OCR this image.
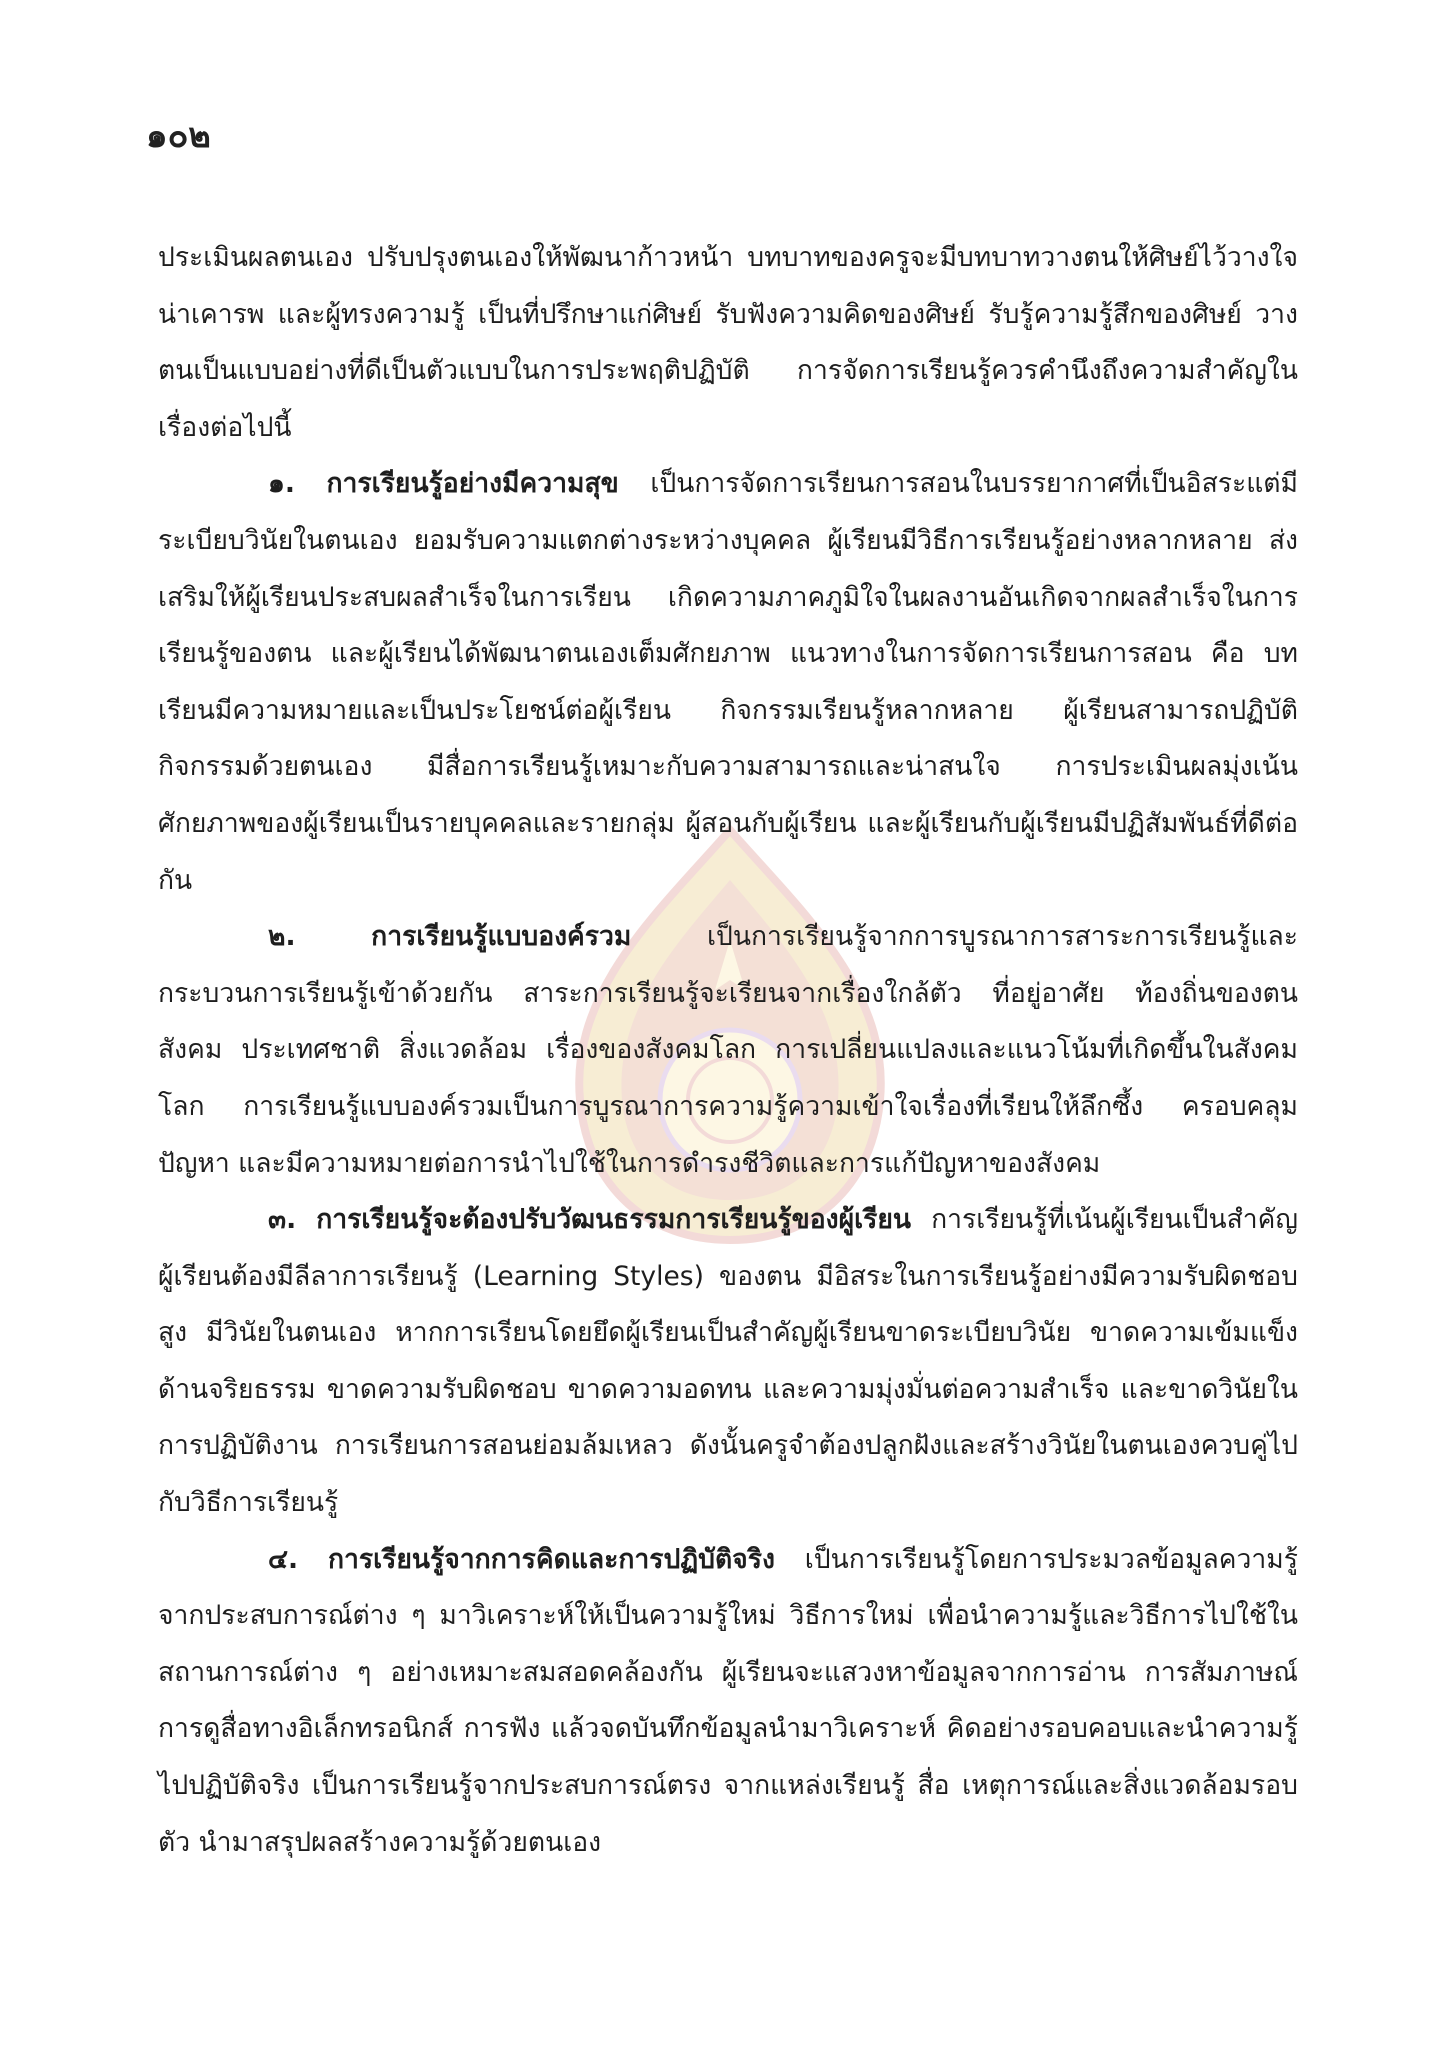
๑๐๒

ประเมินผลตนเอง ปรับปรุงตนเองให้พัฒนาก้าวหน้า บทบาทของครูจะมีบทบาทวางตนให้ศิษย์ไว้วางใจ น่าเคารพ และผู้ทรงความรู้ เป็นที่ปรึกษาแก่ศิษย์ รับฟังความคิดของศิษย์ รับรู้ความรู้สึกของศิษย์ วางตนเป็นแบบอย่างที่ดีเป็นตัวแบบในการประพฤติปฏิบัติ การจัดการเรียนรู้ควรคำนึงถึงความสำคัญในเรื่องต่อไปนี้

๑. การเรียนรู้อย่างมีความสุข เป็นการจัดการเรียนการสอนในบรรยากาศที่เป็นอิสระแต่มีระเบียบวินัยในตนเอง ยอมรับความแตกต่างระหว่างบุคคล ผู้เรียนมีวิธีการเรียนรู้อย่างหลากหลาย ส่งเสริมให้ผู้เรียนประสบผลสำเร็จในการเรียน เกิดความภาคภูมิใจในผลงานอันเกิดจากผลสำเร็จในการเรียนรู้ของตน และผู้เรียนได้พัฒนาตนเองเต็มศักยภาพ แนวทางในการจัดการเรียนการสอน คือ บทเรียนมีความหมายและเป็นประโยชน์ต่อผู้เรียน กิจกรรมเรียนรู้หลากหลาย ผู้เรียนสามารถปฏิบัติกิจกรรมด้วยตนเอง มีสื่อการเรียนรู้เหมาะกับความสามารถและน่าสนใจ การประเมินผลมุ่งเน้นศักยภาพของผู้เรียนเป็นรายบุคคลและรายกลุ่ม ผู้สอนกับผู้เรียน และผู้เรียนกับผู้เรียนมีปฏิสัมพันธ์ที่ดีต่อกัน

๒.	การเรียนรู้แบบองค์รวม	เป็นการเรียนรู้จากการบูรณาการสาระการเรียนรู้และกระบวนการเรียนรู้เข้าด้วยกัน สาระการเรียนรู้จะเรียนจากเรื่องใกล้ตัว ที่อยู่อาศัย ท้องถิ่นของตน สังคม ประเทศชาติ สิ่งแวดล้อม เรื่องของสังคมโลก การเปลี่ยนแปลงและแนวโน้มที่เกิดขึ้นในสังคมโลก การเรียนรู้แบบองค์รวมเป็นการบูรณาการความรู้ความเข้าใจเรื่องที่เรียนให้ลึกซึ้ง ครอบคลุมปัญหา และมีความหมายต่อการนำไปใช้ในการดำรงชีวิตและการแก้ปัญหาของสังคม

๓. การเรียนรู้จะต้องปรับวัฒนธรรมการเรียนรู้ของผู้เรียน การเรียนรู้ที่เน้นผู้เรียนเป็นสำคัญ ผู้เรียนต้องมีลีลาการเรียนรู้ (Learning Styles) ของตน มีอิสระในการเรียนรู้อย่างมีความรับผิดชอบสูง มีวินัยในตนเอง หากการเรียนโดยยึดผู้เรียนเป็นสำคัญผู้เรียนขาดระเบียบวินัย ขาดความเข้มแข็งด้านจริยธรรม ขาดความรับผิดชอบ ขาดความอดทน และความมุ่งมั่นต่อความสำเร็จ และขาดวินัยในการปฏิบัติงาน การเรียนการสอนย่อมล้มเหลว ดังนั้นครูจำต้องปลูกฝังและสร้างวินัยในตนเองควบคู่ไปกับวิธีการเรียนรู้

๔. การเรียนรู้จากการคิดและการปฏิบัติจริง เป็นการเรียนรู้โดยการประมวลข้อมูลความรู้จากประสบการณ์ต่าง ๆ มาวิเคราะห์ให้เป็นความรู้ใหม่ วิธีการใหม่ เพื่อนำความรู้และวิธีการไปใช้ในสถานการณ์ต่าง ๆ อย่างเหมาะสมสอดคล้องกัน ผู้เรียนจะแสวงหาข้อมูลจากการอ่าน การสัมภาษณ์ การดูสื่อทางอิเล็กทรอนิกส์ การฟัง แล้วจดบันทึกข้อมูลนำมาวิเคราะห์ คิดอย่างรอบคอบและนำความรู้ไปปฏิบัติจริง เป็นการเรียนรู้จากประสบการณ์ตรง จากแหล่งเรียนรู้ สื่อ เหตุการณ์และสิ่งแวดล้อมรอบตัว นำมาสรุปผลสร้างความรู้ด้วยตนเอง
